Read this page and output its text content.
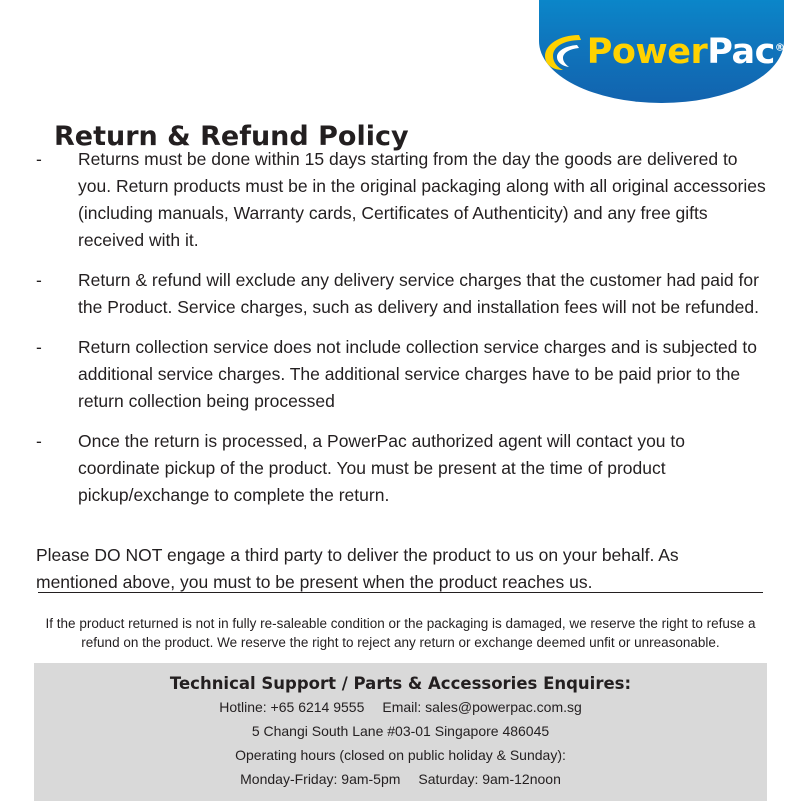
PowerPac®
Return & Refund Policy
-	Returns must be done within 15 days starting from the day the goods are delivered to you. Return products must be in the original packaging along with all original accessories (including manuals, Warranty cards, Certificates of Authenticity) and any free gifts received with it.
-	Return & refund will exclude any delivery service charges that the customer had paid for the Product. Service charges, such as delivery and installation fees will not be refunded.
-	Return collection service does not include collection service charges and is subjected to additional service charges. The additional service charges have to be paid prior to the return collection being processed
-	Once the return is processed, a PowerPac authorized agent will contact you to coordinate pickup of the product. You must be present at the time of product pickup/exchange to complete the return.

Please DO NOT engage a third party to deliver the product to us on your behalf. As mentioned above, you must to be present when the product reaches us.

If the product returned is not in fully re-saleable condition or the packaging is damaged, we reserve the right to refuse a refund on the product. We reserve the right to reject any return or exchange deemed unfit or unreasonable.

Technical Support / Parts & Accessories Enquires:
Hotline: +65 6214 9555 Email: sales@powerpac.com.sg
5 Changi South Lane #03-01 Singapore 486045
Operating hours (closed on public holiday & Sunday):
Monday-Friday: 9am-5pm Saturday: 9am-12noon
